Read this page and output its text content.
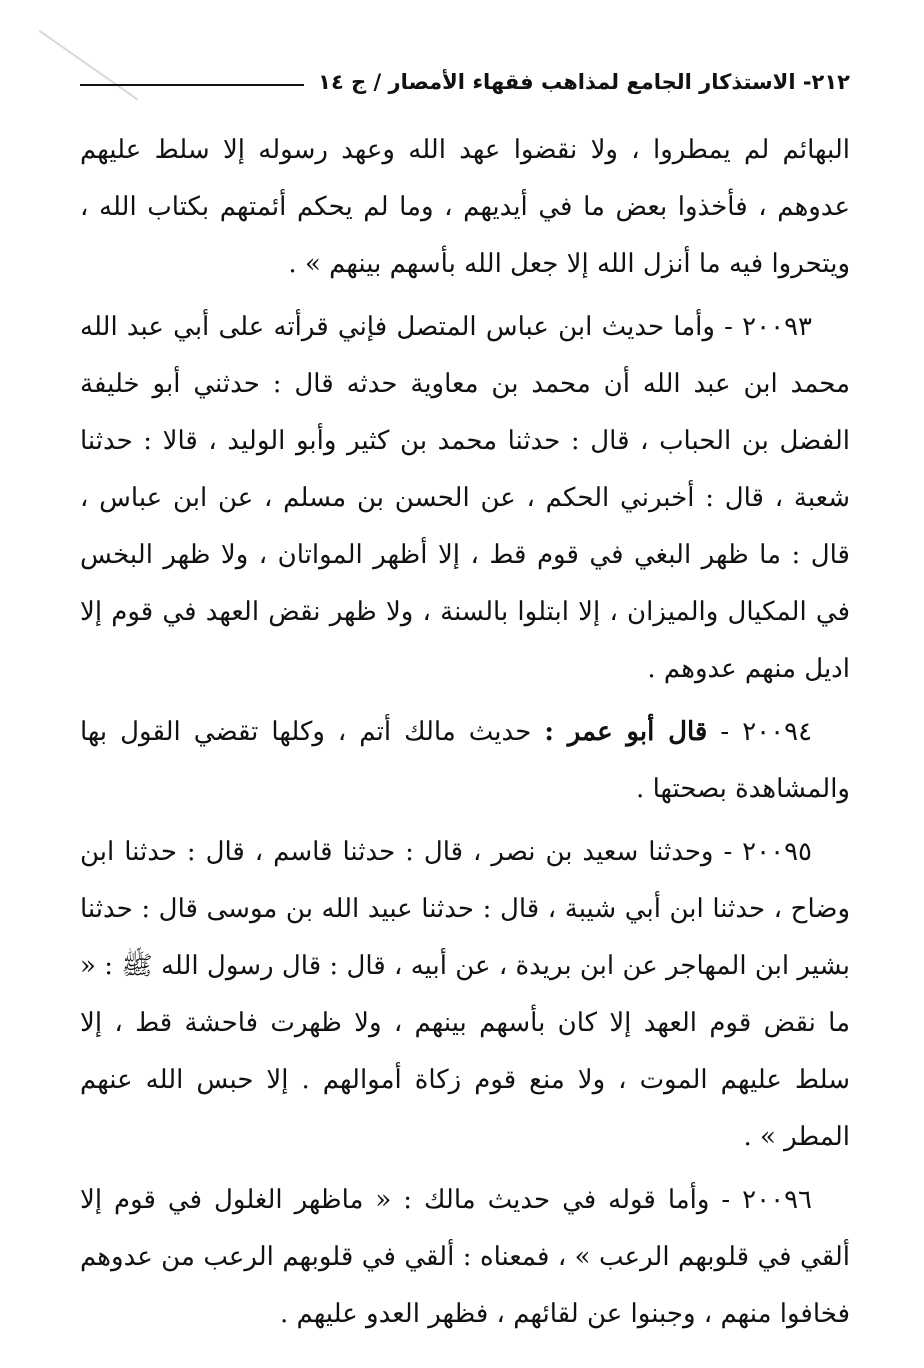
٢١٢- الاستذكار الجامع لمذاهب فقهاء الأمصار / ج ١٤

البهائم لم يمطروا ، ولا نقضوا عهد الله وعهد رسوله إلا سلط عليهم عدوهم ، فأخذوا بعض ما في أيديهم ، وما لم يحكم أئمتهم بكتاب الله ، ويتحروا فيه ما أنزل الله إلا جعل الله بأسهم بينهم » .

٢٠٠٩٣ - وأما حديث ابن عباس المتصل فإني قرأته على أبي عبد الله محمد ابن عبد الله أن محمد بن معاوية حدثه قال : حدثني أبو خليفة الفضل بن الحباب ، قال : حدثنا محمد بن كثير وأبو الوليد ، قالا : حدثنا شعبة ، قال : أخبرني الحكم ، عن الحسن بن مسلم ، عن ابن عباس ، قال : ما ظهر البغي في قوم قط ، إلا أظهر المواتان ، ولا ظهر البخس في المكيال والميزان ، إلا ابتلوا بالسنة ، ولا ظهر نقض العهد في قوم إلا اديل منهم عدوهم .

٢٠٠٩٤ - قال أبو عمر : حديث مالك أتم ، وكلها تقضي القول بها والمشاهدة بصحتها .

٢٠٠٩٥ - وحدثنا سعيد بن نصر ، قال : حدثنا قاسم ، قال : حدثنا ابن وضاح ، حدثنا ابن أبي شيبة ، قال : حدثنا عبيد الله بن موسى قال : حدثنا بشير ابن المهاجر عن ابن بريدة ، عن أبيه ، قال : قال رسول الله ﷺ : « ما نقض قوم العهد إلا كان بأسهم بينهم ، ولا ظهرت فاحشة قط ، إلا سلط عليهم الموت ، ولا منع قوم زكاة أموالهم . إلا حبس الله عنهم المطر » .

٢٠٠٩٦ - وأما قوله في حديث مالك : « ماظهر الغلول في قوم إلا ألقي في قلوبهم الرعب » ، فمعناه : ألقي في قلوبهم الرعب من عدوهم فخافوا منهم ، وجبنوا عن لقائهم ، فظهر العدو عليهم .
